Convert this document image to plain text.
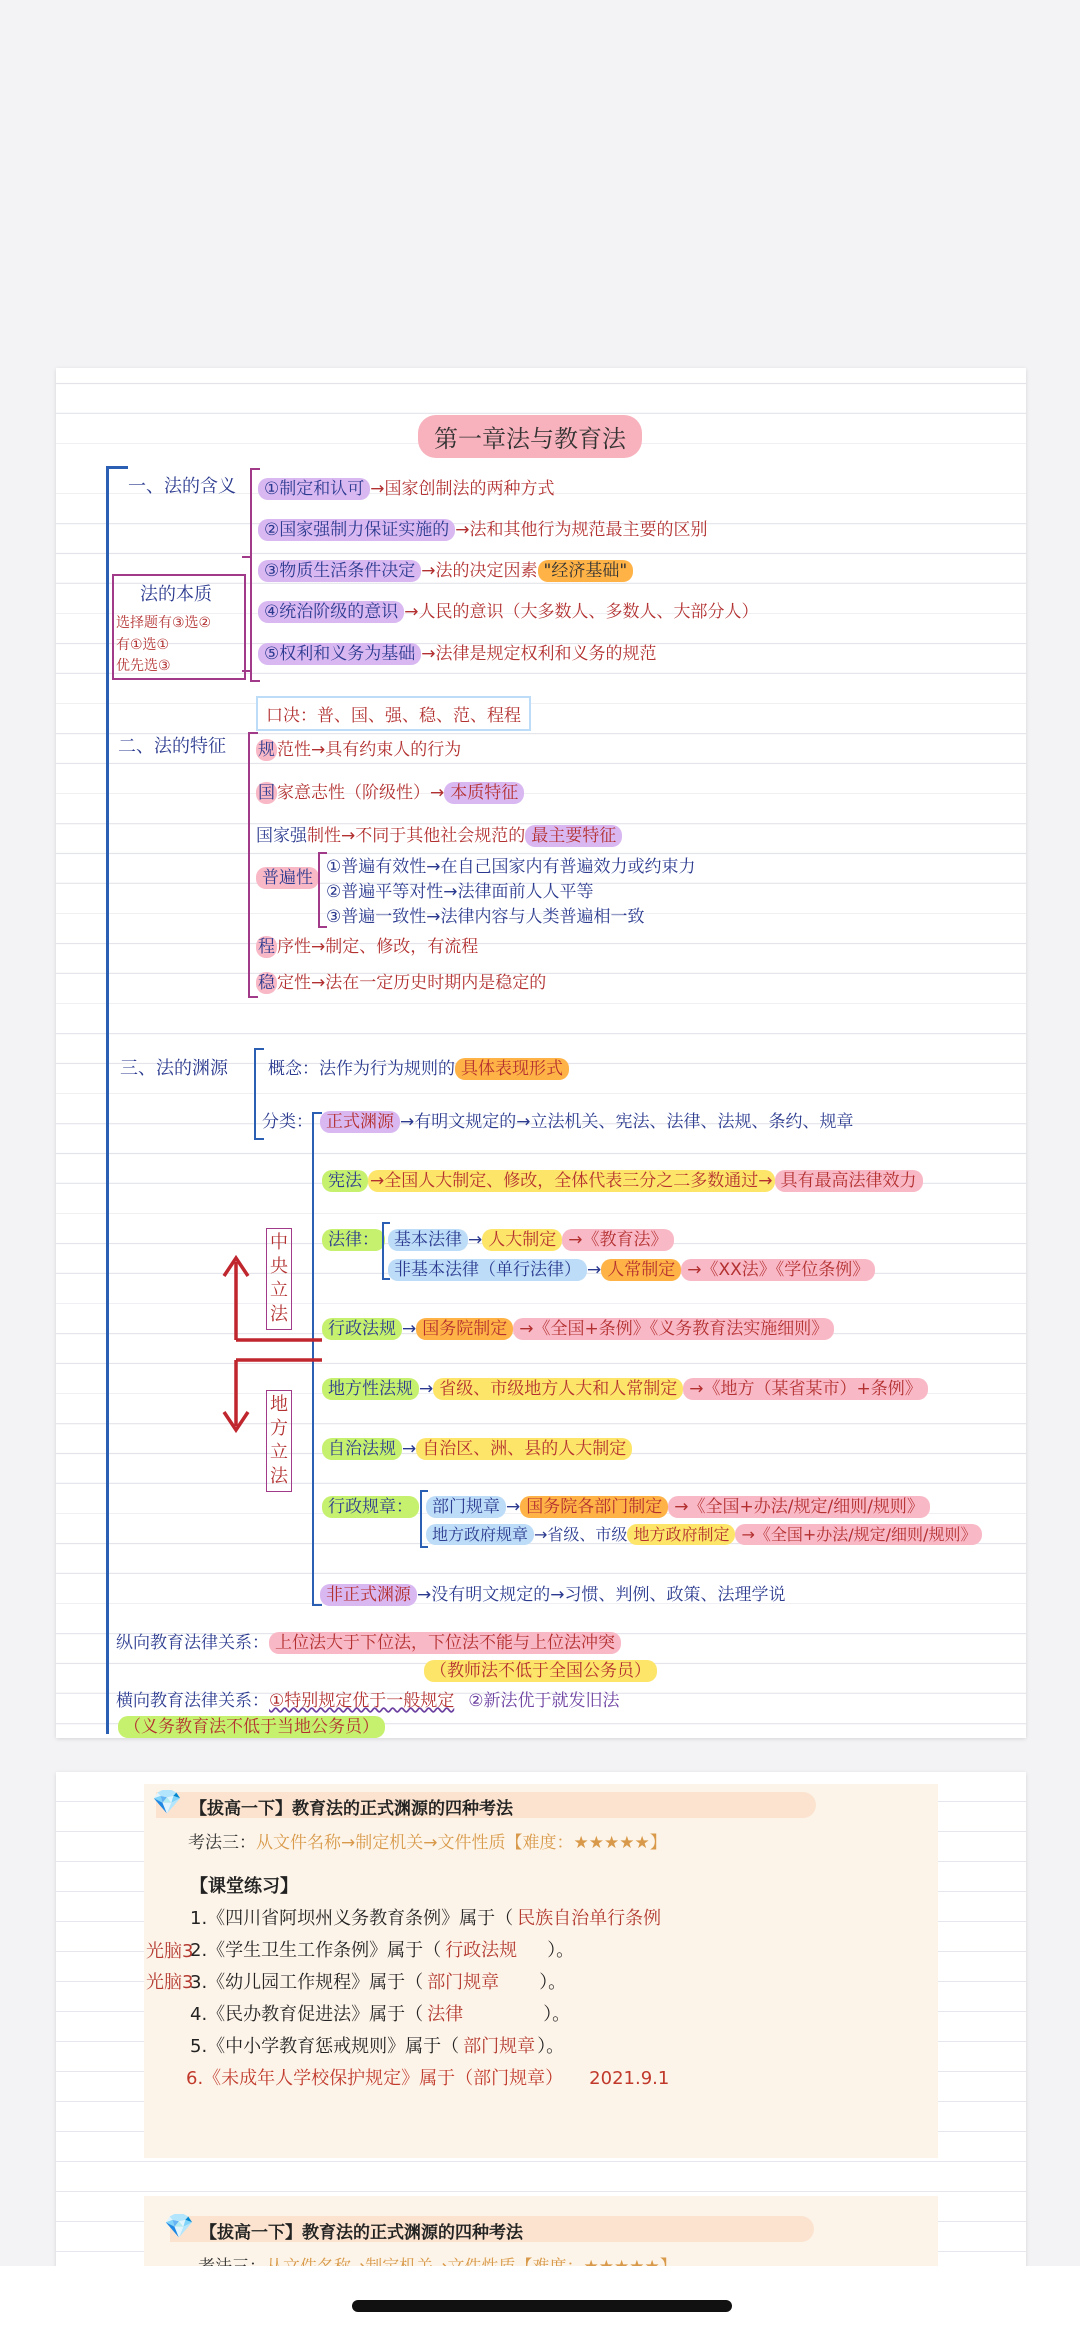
第一章法与教育法
一、法的含义	①制定和认可 →国家创制法的两种方式
②国家强制力保证实施的 →法和其他行为规范最主要的区别
③物质生活条件决定 →法的决定因素 "经济基础"
④统治阶级的意识 →人民的意识（大多数人、多数人、大部分人）
⑤权利和义务为基础 →法律是规定权利和义务的规范
法的本质
选择题有③选②
有①选①
优先选③
口决：普、国、强、稳、范、程程
二、法的特征 规 范性→具有约束人的行为
国 家意志性（阶级性）→ 本质特征
国家强制性→不同于其他社会规范的 最主要特征
普遍性
①普遍有效性→在自己国家内有普遍效力或约束力
②普遍平等对性→法律面前人人平等
③普遍一致性→法律内容与人类普遍相一致
程 序性→制定、修改，有流程
稳 定性→法在一定历史时期内是稳定的
三、法的渊源 概念：法作为行为规则的 具体表现形式
分类： 正式渊源 →有明文规定的→立法机关、宪法、法律、法规、条约、规章
宪法 →全国人大制定、修改，全体代表三分之二多数通过→ 具有最高法律效力
法律： 基本法律 → 人大制定 →《教育法》
非基本法律（单行法律） → 人常制定 →《XX法》《学位条例》
行政法规 → 国务院制定 →《全国+条例》《义务教育法实施细则》
地方性法规 → 省级、市级地方人大和人常制定 →《地方（某省某市）+条例》
自治法规 → 自治区、洲、县的人大制定
行政规章：	部门规章 → 国务院各部门制定 →《全国+办法/规定/细则/规则》
地方政府规章 →省级、市级 地方政府制定 →《全国+办法/规定/细则/规则》
非正式渊源 →没有明文规定的→习惯、判例、政策、法理学说
中央立法
地方立法
纵向教育法律关系： 上位法大于下位法，下位法不能与上位法冲突
（教师法不低于全国公务员）
横向教育法律关系：①特别规定优于一般规定 ②新法优于就发旧法
（义务教育法不低于当地公务员）
💎 【拔高一下】教育法的正式渊源的四种考法
考法三：从文件名称→制定机关→文件性质【难度：★★★★★】
【课堂练习】
1.《四川省阿坝州义务教育条例》属于（ 民族自治单行条例
2.《学生卫生工作条例》属于（ 行政法规 ）。
3.《幼儿园工作规程》属于（ 部门规章 ）。
4.《民办教育促进法》属于（ 法律	）。
5.《中小学教育惩戒规则》属于（ 部门规章 ）。
6.《未成年人学校保护规定》属于（部门规章） 2021.9.1
光脑3
光脑3
💎 【拔高一下】教育法的正式渊源的四种考法
